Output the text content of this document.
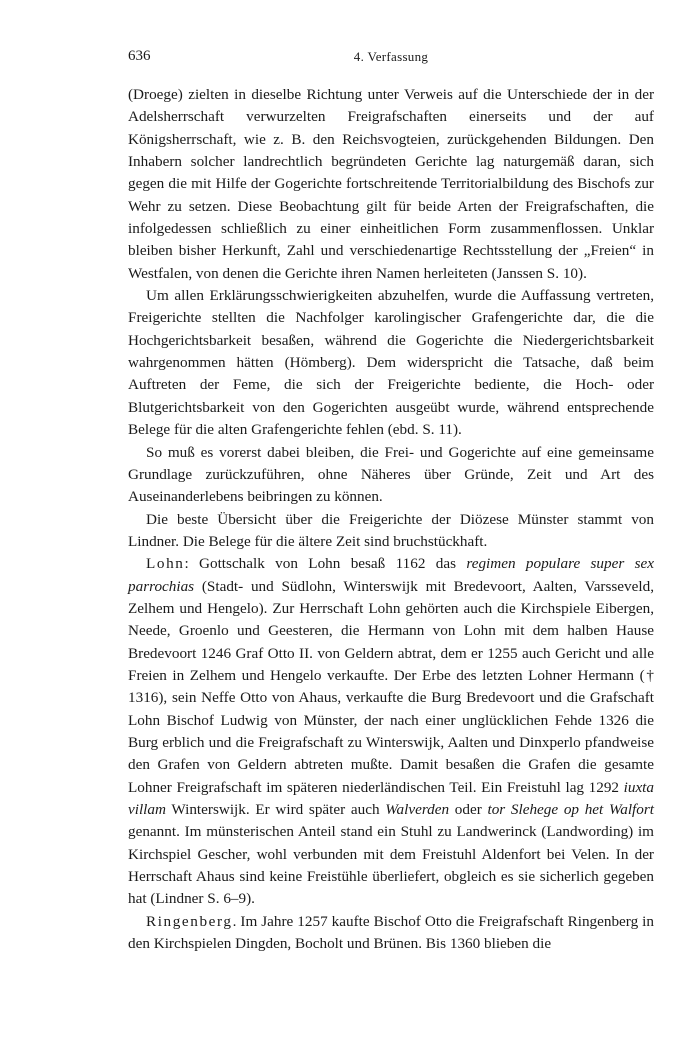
636	4. Verfassung

(Droege) zielten in dieselbe Richtung unter Verweis auf die Unterschiede der in der Adelsherrschaft verwurzelten Freigrafschaften einerseits und der auf Königsherrschaft, wie z. B. den Reichsvogteien, zurückgehenden Bildungen. Den Inhabern solcher landrechtlich begründeten Gerichte lag naturgemäß daran, sich gegen die mit Hilfe der Gogerichte fortschreitende Territorialbildung des Bischofs zur Wehr zu setzen. Diese Beobachtung gilt für beide Arten der Freigrafschaften, die infolgedessen schließlich zu einer einheitlichen Form zusammenflossen. Unklar bleiben bisher Herkunft, Zahl und verschiedenartige Rechtsstellung der „Freien“ in Westfalen, von denen die Gerichte ihren Namen herleiteten (Janssen S. 10).

Um allen Erklärungsschwierigkeiten abzuhelfen, wurde die Auffassung vertreten, Freigerichte stellten die Nachfolger karolingischer Grafengerichte dar, die die Hochgerichtsbarkeit besaßen, während die Gogerichte die Niedergerichtsbarkeit wahrgenommen hätten (Hömberg). Dem widerspricht die Tatsache, daß beim Auftreten der Feme, die sich der Freigerichte bediente, die Hoch- oder Blutgerichtsbarkeit von den Gogerichten ausgeübt wurde, während entsprechende Belege für die alten Grafengerichte fehlen (ebd. S. 11).

So muß es vorerst dabei bleiben, die Frei- und Gogerichte auf eine gemeinsame Grundlage zurückzuführen, ohne Näheres über Gründe, Zeit und Art des Auseinanderlebens beibringen zu können.

Die beste Übersicht über die Freigerichte der Diözese Münster stammt von Lindner. Die Belege für die ältere Zeit sind bruchstückhaft.

Lohn: Gottschalk von Lohn besaß 1162 das regimen populare super sex parrochias (Stadt- und Südlohn, Winterswijk mit Bredevoort, Aalten, Varsseveld, Zelhem und Hengelo). Zur Herrschaft Lohn gehörten auch die Kirchspiele Eibergen, Neede, Groenlo und Geesteren, die Hermann von Lohn mit dem halben Hause Bredevoort 1246 Graf Otto II. von Geldern abtrat, dem er 1255 auch Gericht und alle Freien in Zelhem und Hengelo verkaufte. Der Erbe des letzten Lohner Hermann († 1316), sein Neffe Otto von Ahaus, verkaufte die Burg Bredevoort und die Grafschaft Lohn Bischof Ludwig von Münster, der nach einer unglücklichen Fehde 1326 die Burg erblich und die Freigrafschaft zu Winterswijk, Aalten und Dinxperlo pfandweise den Grafen von Geldern abtreten mußte. Damit besaßen die Grafen die gesamte Lohner Freigrafschaft im späteren niederländischen Teil. Ein Freistuhl lag 1292 iuxta villam Winterswijk. Er wird später auch Walverden oder tor Slehege op het Walfort genannt. Im münsterischen Anteil stand ein Stuhl zu Landwerinck (Landwording) im Kirchspiel Gescher, wohl verbunden mit dem Freistuhl Aldenfort bei Velen. In der Herrschaft Ahaus sind keine Freistühle überliefert, obgleich es sie sicherlich gegeben hat (Lindner S. 6–9).

Ringenberg. Im Jahre 1257 kaufte Bischof Otto die Freigrafschaft Ringenberg in den Kirchspielen Dingden, Bocholt und Brünen. Bis 1360 blieben die
